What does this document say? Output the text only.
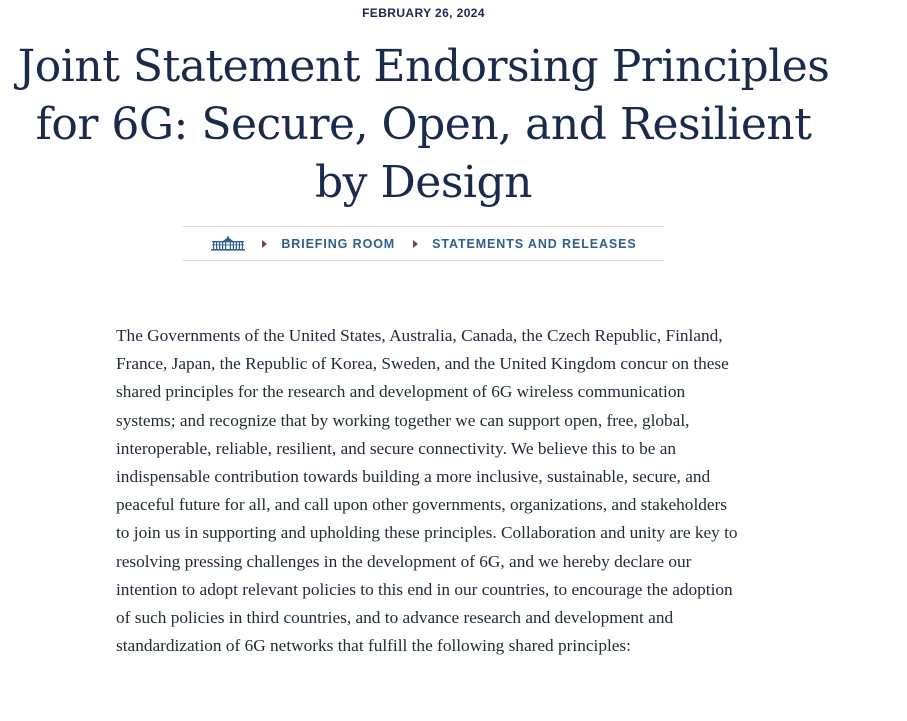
FEBRUARY 26, 2024
Joint Statement Endorsing Principles for 6G: Secure, Open, and Resilient by Design
BRIEFING ROOM	STATEMENTS AND RELEASES

The Governments of the United States, Australia, Canada, the Czech Republic, Finland, France, Japan, the Republic of Korea, Sweden, and the United Kingdom concur on these shared principles for the research and development of 6G wireless communication systems; and recognize that by working together we can support open, free, global, interoperable, reliable, resilient, and secure connectivity. We believe this to be an indispensable contribution towards building a more inclusive, sustainable, secure, and peaceful future for all, and call upon other governments, organizations, and stakeholders to join us in supporting and upholding these principles. Collaboration and unity are key to resolving pressing challenges in the development of 6G, and we hereby declare our intention to adopt relevant policies to this end in our countries, to encourage the adoption of such policies in third countries, and to advance research and development and standardization of 6G networks that fulfill the following shared principles:
